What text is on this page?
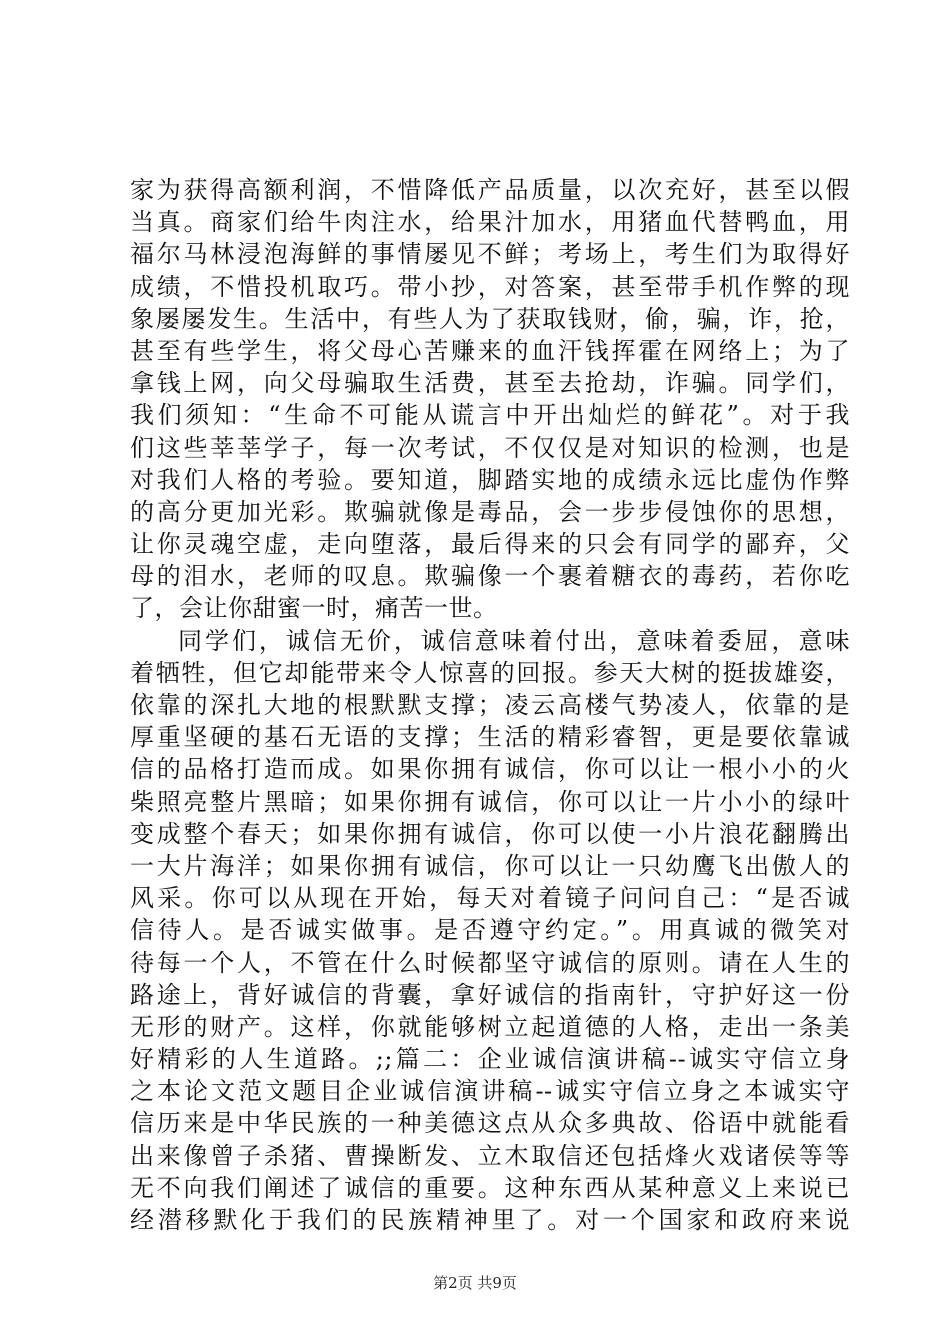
家为获得高额利润，不惜降低产品质量，以次充好，甚至以假
当真。商家们给牛肉注水，给果汁加水，用猪血代替鸭血，用
福尔马林浸泡海鲜的事情屡见不鲜；考场上，考生们为取得好
成绩，不惜投机取巧。带小抄，对答案，甚至带手机作弊的现
象屡屡发生。生活中，有些人为了获取钱财，偷，骗，诈，抢，
甚至有些学生，将父母心苦赚来的血汗钱挥霍在网络上；为了
拿钱上网，向父母骗取生活费，甚至去抢劫，诈骗。同学们，
我们须知：“生命不可能从谎言中开出灿烂的鲜花”。对于我
们这些莘莘学子，每一次考试，不仅仅是对知识的检测，也是
对我们人格的考验。要知道，脚踏实地的成绩永远比虚伪作弊
的高分更加光彩。欺骗就像是毒品，会一步步侵蚀你的思想，
让你灵魂空虚，走向堕落，最后得来的只会有同学的鄙弃，父
母的泪水，老师的叹息。欺骗像一个裹着糖衣的毒药，若你吃
了，会让你甜蜜一时，痛苦一世。
同学们，诚信无价，诚信意味着付出，意味着委屈，意味
着牺牲，但它却能带来令人惊喜的回报。参天大树的挺拔雄姿，
依靠的深扎大地的根默默支撑；凌云高楼气势凌人，依靠的是
厚重坚硬的基石无语的支撑；生活的精彩睿智，更是要依靠诚
信的品格打造而成。如果你拥有诚信，你可以让一根小小的火
柴照亮整片黑暗；如果你拥有诚信，你可以让一片小小的绿叶
变成整个春天；如果你拥有诚信，你可以使一小片浪花翻腾出
一大片海洋；如果你拥有诚信，你可以让一只幼鹰飞出傲人的
风采。你可以从现在开始，每天对着镜子问问自己：“是否诚
信待人。是否诚实做事。是否遵守约定。”。用真诚的微笑对
待每一个人，不管在什么时候都坚守诚信的原则。请在人生的
路途上，背好诚信的背囊，拿好诚信的指南针，守护好这一份
无形的财产。这样，你就能够树立起道德的人格，走出一条美
好精彩的人生道路。;;篇二：企业诚信演讲稿--诚实守信立身
之本论文范文题目企业诚信演讲稿--诚实守信立身之本诚实守
信历来是中华民族的一种美德这点从众多典故、俗语中就能看
出来像曾子杀猪、曹操断发、立木取信还包括烽火戏诸侯等等
无不向我们阐述了诚信的重要。这种东西从某种意义上来说已
经潜移默化于我们的民族精神里了。对一个国家和政府来说
第2页 共9页
